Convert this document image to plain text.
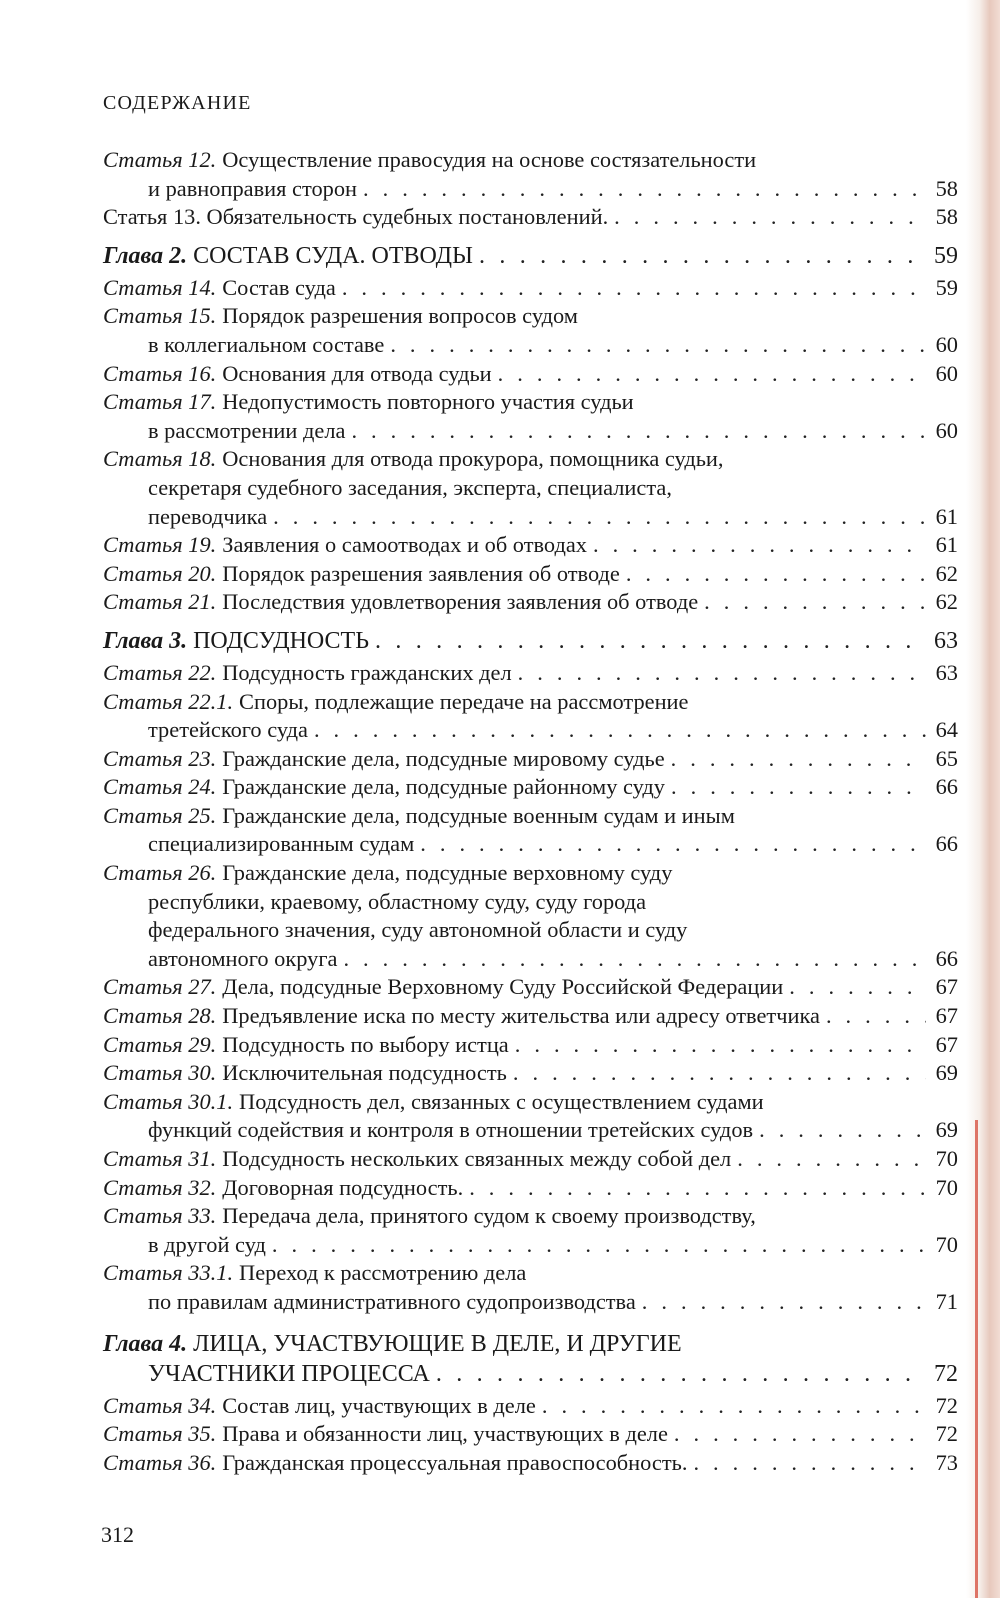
СОДЕРЖАНИЕ
Статья 12. Осуществление правосудия на основе состязательности
и равноправия сторон . . .	58
Статья 13. Обязательность судебных постановлений. . . .	58
Глава 2. СОСТАВ СУДА. ОТВОДЫ . . .	59
Статья 14. Состав суда . . .	59
Статья 15. Порядок разрешения вопросов судом
в коллегиальном составе . . .	60
Статья 16. Основания для отвода судьи . . .	60
Статья 17. Недопустимость повторного участия судьи
в рассмотрении дела . . .	60
Статья 18. Основания для отвода прокурора, помощника судьи,
секретаря судебного заседания, эксперта, специалиста,
переводчика . . .	61
Статья 19. Заявления о самоотводах и об отводах . . .	61
Статья 20. Порядок разрешения заявления об отводе . . .	62
Статья 21. Последствия удовлетворения заявления об отводе . . .	62
Глава 3. ПОДСУДНОСТЬ . . .	63
Статья 22. Подсудность гражданских дел . . .	63
Статья 22.1. Споры, подлежащие передаче на рассмотрение
третейского суда . . .	64
Статья 23. Гражданские дела, подсудные мировому судье . . .	65
Статья 24. Гражданские дела, подсудные районному суду . . .	66
Статья 25. Гражданские дела, подсудные военным судам и иным
специализированным судам . . .	66
Статья 26. Гражданские дела, подсудные верховному суду
республики, краевому, областному суду, суду города
федерального значения, суду автономной области и суду
автономного округа . . .	66
Статья 27. Дела, подсудные Верховному Суду Российской Федерации . . .	67
Статья 28. Предъявление иска по месту жительства или адресу ответчика . . .	67
Статья 29. Подсудность по выбору истца . . .	67
Статья 30. Исключительная подсудность . . .	69
Статья 30.1. Подсудность дел, связанных с осуществлением судами
функций содействия и контроля в отношении третейских судов . . .	69
Статья 31. Подсудность нескольких связанных между собой дел . . .	70
Статья 32. Договорная подсудность. . . .	70
Статья 33. Передача дела, принятого судом к своему производству,
в другой суд . . .	70
Статья 33.1. Переход к рассмотрению дела
по правилам административного судопроизводства . . .	71
Глава 4. ЛИЦА, УЧАСТВУЮЩИЕ В ДЕЛЕ, И ДРУГИЕ
УЧАСТНИКИ ПРОЦЕССА . . .	72
Статья 34. Состав лиц, участвующих в деле . . .	72
Статья 35. Права и обязанности лиц, участвующих в деле . . .	72
Статья 36. Гражданская процессуальная правоспособность. . . .	73
312
